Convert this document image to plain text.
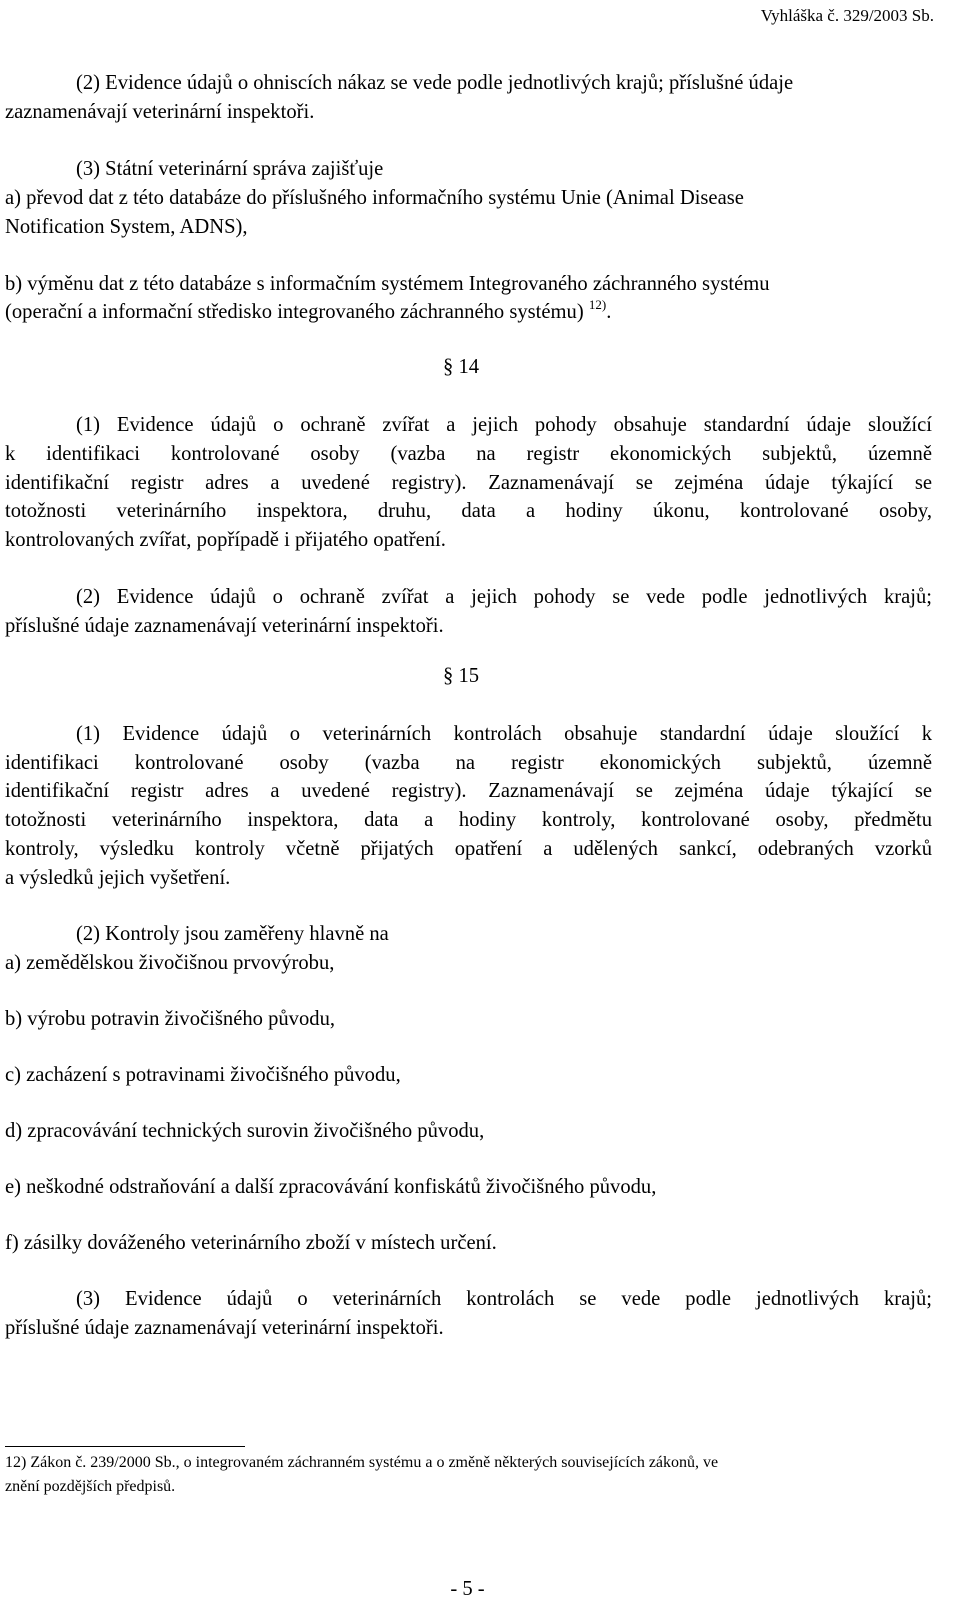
Vyhláška č. 329/2003 Sb.
(2) Evidence údajů o ohniscích nákaz se vede podle jednotlivých krajů; příslušné údaje
zaznamenávají veterinární inspektoři.
(3) Státní veterinární správa zajišťuje
a) převod dat z této databáze do příslušného informačního systému Unie (Animal Disease
Notification System, ADNS),
b) výměnu dat z této databáze s informačním systémem Integrovaného záchranného systému
(operační a informační středisko integrovaného záchranného systému) $^{12)}$.
§ 14
(1) Evidence údajů o ochraně zvířat a jejich pohody obsahuje standardní údaje sloužící
k identifikaci kontrolované osoby (vazba na registr ekonomických subjektů, územně
identifikační registr adres a uvedené registry). Zaznamenávají se zejména údaje týkající se
totožnosti veterinárního inspektora, druhu, data a hodiny úkonu, kontrolované osoby,
kontrolovaných zvířat, popřípadě i přijatého opatření.
(2) Evidence údajů o ochraně zvířat a jejich pohody se vede podle jednotlivých krajů;
příslušné údaje zaznamenávají veterinární inspektoři.
§ 15
(1) Evidence údajů o veterinárních kontrolách obsahuje standardní údaje sloužící k
identifikaci kontrolované osoby (vazba na registr ekonomických subjektů, územně
identifikační registr adres a uvedené registry). Zaznamenávají se zejména údaje týkající se
totožnosti veterinárního inspektora, data a hodiny kontroly, kontrolované osoby, předmětu
kontroly, výsledku kontroly včetně přijatých opatření a udělených sankcí, odebraných vzorků
a výsledků jejich vyšetření.
(2) Kontroly jsou zaměřeny hlavně na
a) zemědělskou živočišnou prvovýrobu,
b) výrobu potravin živočišného původu,
c) zacházení s potravinami živočišného původu,
d) zpracovávání technických surovin živočišného původu,
e) neškodné odstraňování a další zpracovávání konfiskátů živočišného původu,
f) zásilky dováženého veterinárního zboží v místech určení.
(3) Evidence údajů o veterinárních kontrolách se vede podle jednotlivých krajů;
příslušné údaje zaznamenávají veterinární inspektoři.
12) Zákon č. 239/2000 Sb., o integrovaném záchranném systému a o změně některých souvisejících zákonů, ve
znění pozdějších předpisů.
- 5 -
